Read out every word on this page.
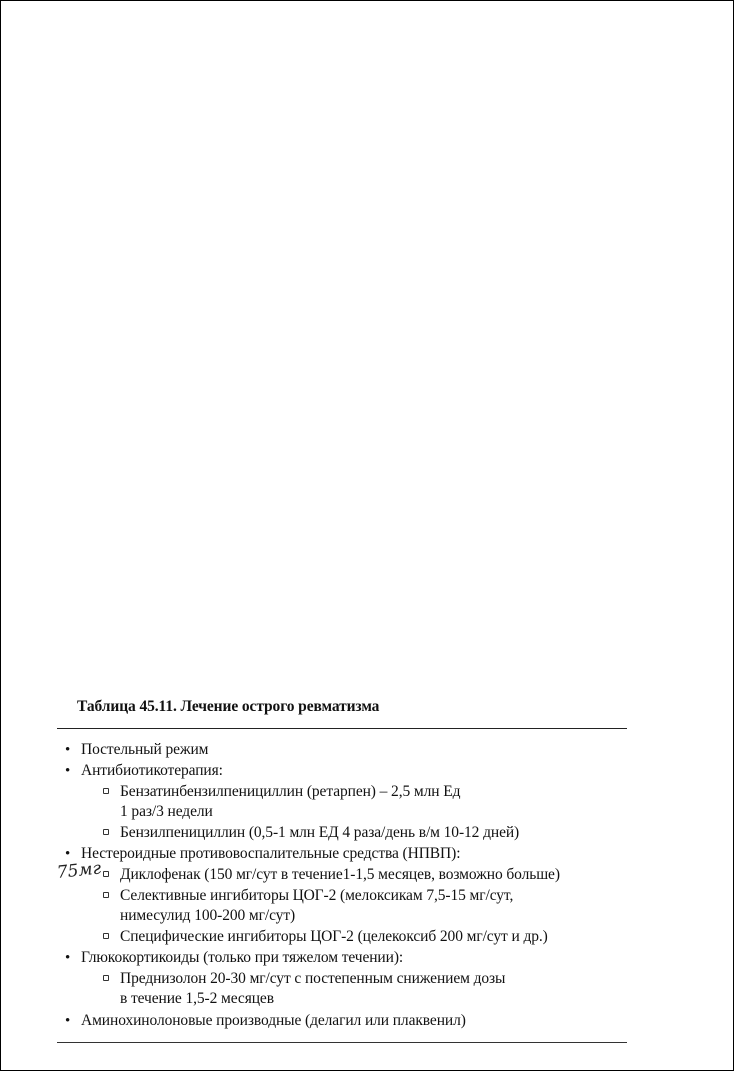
Таблица 45.11. Лечение острого ревматизма
• Постельный режим
• Антибиотикотерапия:
Бензатинбензилпенициллин (ретарпен) – 2,5 млн Ед
1 раз/3 недели
Бензилпенициллин (0,5-1 млн ЕД 4 раза/день в/м 10-12 дней)
• Нестероидные противовоспалительные средства (НПВП):
75мг Диклофенак (150 мг/сут в течение1-1,5 месяцев, возможно больше)
Селективные ингибиторы ЦОГ-2 (мелоксикам 7,5-15 мг/сут,
нимесулид 100-200 мг/сут)
Специфические ингибиторы ЦОГ-2 (целекоксиб 200 мг/сут и др.)
• Глюкокортикоиды (только при тяжелом течении):
Преднизолон 20-30 мг/сут с постепенным снижением дозы
в течение 1,5-2 месяцев
• Аминохинолоновые производные (делагил или плаквенил)
